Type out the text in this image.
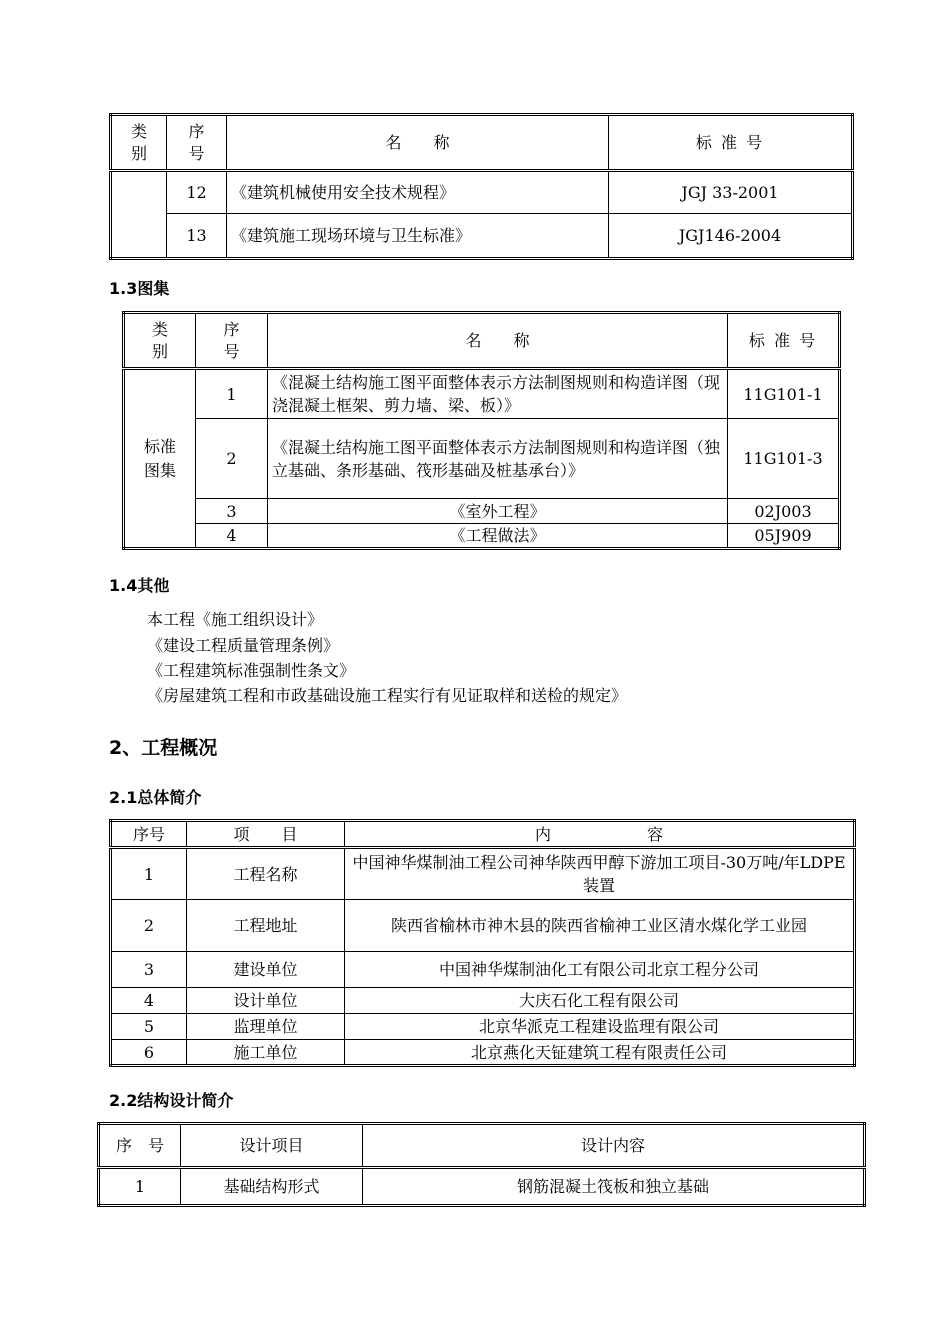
类别	序号	名　　称	标 准 号
	12	《建筑机械使用安全技术规程》	JGJ 33-2001
	13	《建筑施工现场环境与卫生标准》	JGJ146-2004
1.3图集
类别	序号	名　　称	标 准 号
标准图集	1	《混凝土结构施工图平面整体表示方法制图规则和构造详图（现浇混凝土框架、剪力墙、梁、板）》	11G101-1
	2	《混凝土结构施工图平面整体表示方法制图规则和构造详图（独立基础、条形基础、筏形基础及桩基承台）》	11G101-3
	3	《室外工程》	02J003
	4	《工程做法》	05J909
1.4其他
本工程《施工组织设计》
《建设工程质量管理条例》
《工程建筑标准强制性条文》
《房屋建筑工程和市政基础设施工程实行有见证取样和送检的规定》
2、工程概况
2.1总体简介
序号	项　　目	内　　　　　　容
1	工程名称	中国神华煤制油工程公司神华陕西甲醇下游加工项目-30万吨/年LDPE 装置
2	工程地址	陕西省榆林市神木县的陕西省榆神工业区清水煤化学工业园
3	建设单位	中国神华煤制油化工有限公司北京工程分公司
4	设计单位	大庆石化工程有限公司
5	监理单位	北京华派克工程建设监理有限公司
6	施工单位	北京燕化天钲建筑工程有限责任公司
2.2结构设计简介
序　号	设计项目	设计内容
1	基础结构形式	钢筋混凝土筏板和独立基础
